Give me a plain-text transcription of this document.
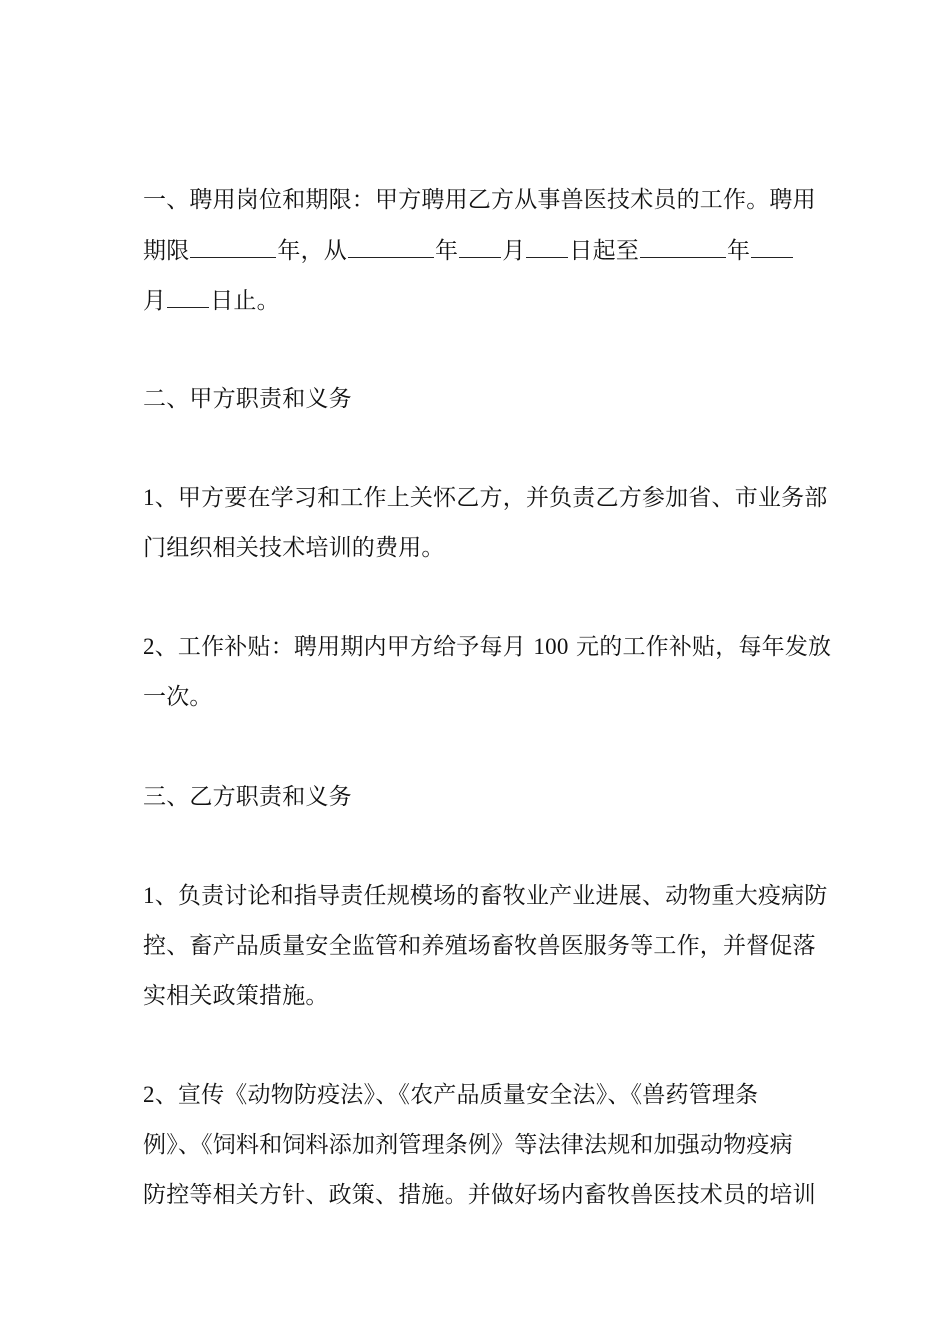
一、聘用岗位和期限：甲方聘用乙方从事兽医技术员的工作。聘用
期限	年，从	年 月 日起至	年
月 日止。
二、甲方职责和义务
1、甲方要在学习和工作上关怀乙方，并负责乙方参加省、市业务部
门组织相关技术培训的费用。
2、工作补贴：聘用期内甲方给予每月 100 元的工作补贴，每年发放
一次。
三、乙方职责和义务
1、负责讨论和指导责任规模场的畜牧业产业进展、动物重大疫病防
控、畜产品质量安全监管和养殖场畜牧兽医服务等工作，并督促落
实相关政策措施。
2、宣传《动物防疫法》、《农产品质量安全法》、《兽药管理条
例》、《饲料和饲料添加剂管理条例》等法律法规和加强动物疫病
防控等相关方针、政策、措施。并做好场内畜牧兽医技术员的培训
